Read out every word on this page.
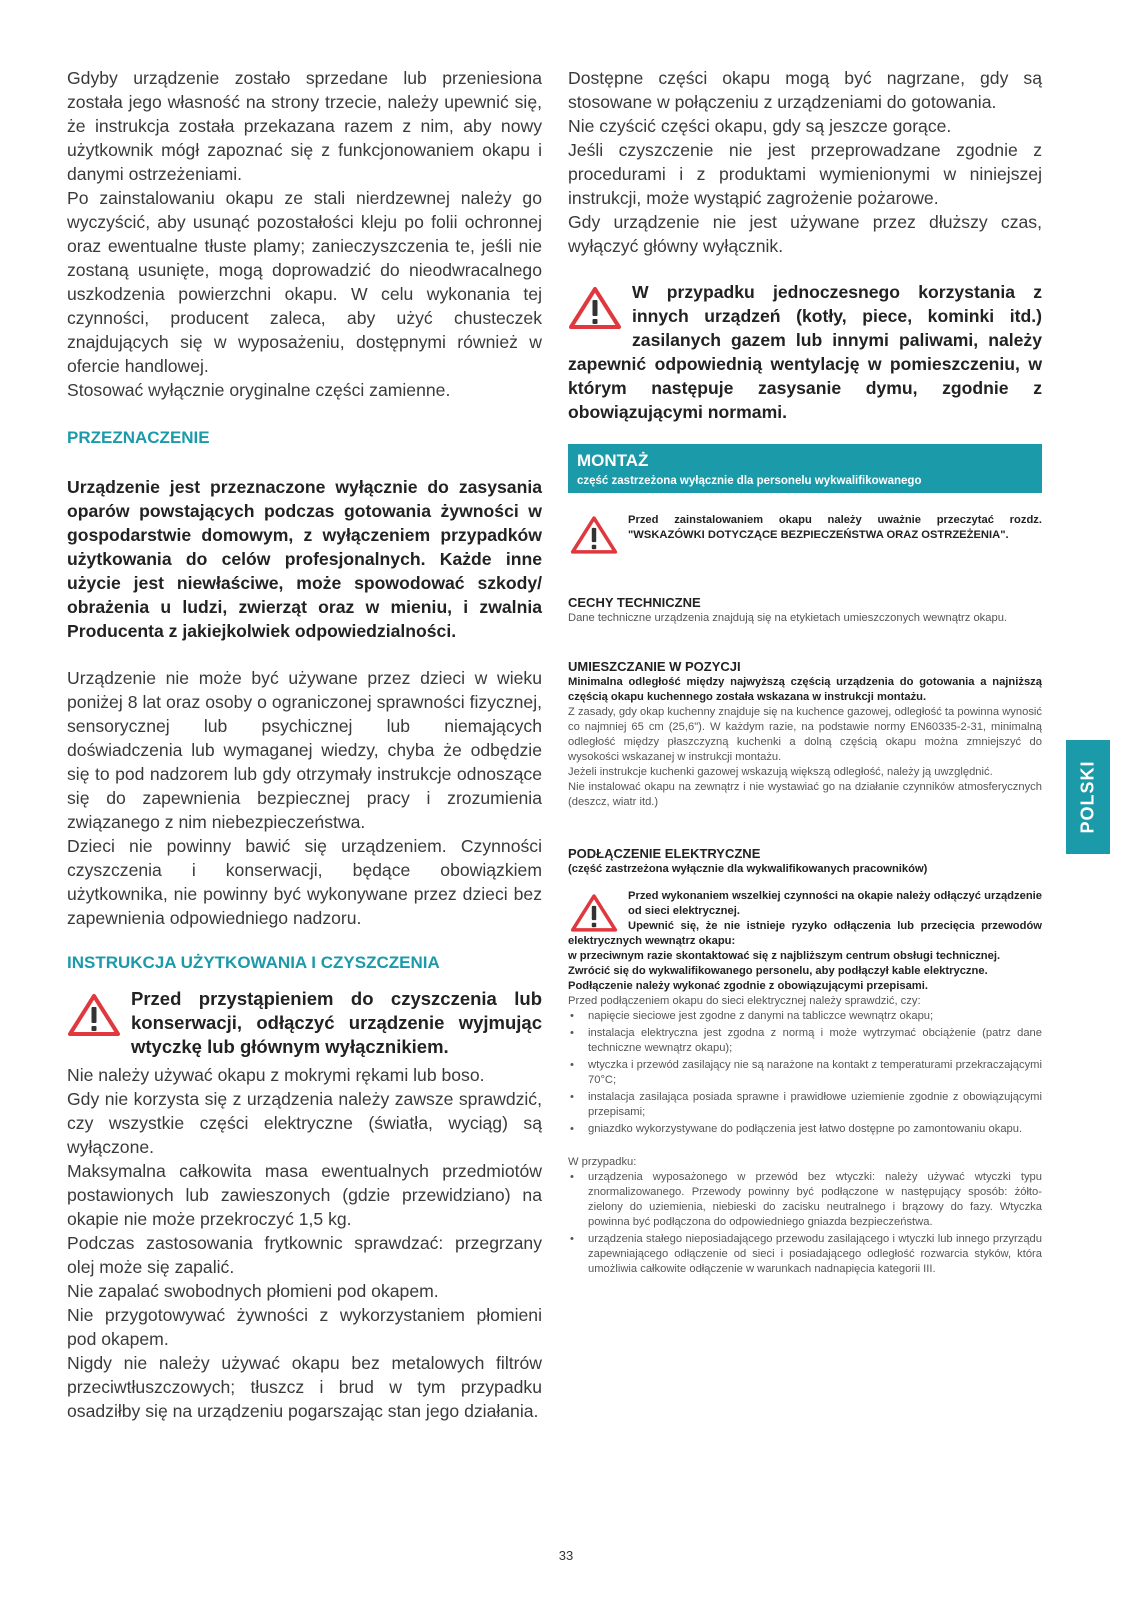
Gdyby urządzenie zostało sprzedane lub przeniesiona została jego własność na strony trzecie, należy upewnić się, że instrukcja została przekazana razem z nim, aby nowy użytkownik mógł zapoznać się z funkcjonowaniem okapu i danymi ostrzeżeniami.

Po zainstalowaniu okapu ze stali nierdzewnej należy go wyczyścić, aby usunąć pozostałości kleju po folii ochronnej oraz ewentualne tłuste plamy; zanieczyszczenia te, jeśli nie zostaną usunięte, mogą doprowadzić do nieodwracalnego uszkodzenia powierzchni okapu. W celu wykonania tej czynności, producent zaleca, aby użyć chusteczek znajdujących się w wyposażeniu, dostępnymi również w ofercie handlowej.

Stosować wyłącznie oryginalne części zamienne.

PRZEZNACZENIE

Urządzenie jest przeznaczone wyłącznie do zasysania oparów powstających podczas gotowania żywności w gospodarstwie domowym, z wyłączeniem przypadków użytkowania do celów profesjonalnych. Każde inne użycie jest niewłaściwe, może spowodować szkody/ obrażenia u ludzi, zwierząt oraz w mieniu, i zwalnia Producenta z jakiejkolwiek odpowiedzialności.

Urządzenie nie może być używane przez dzieci w wieku poniżej 8 lat oraz osoby o ograniczonej sprawności fizycznej, sensorycznej lub psychicznej lub niemających doświadczenia lub wymaganej wiedzy, chyba że odbędzie się to pod nadzorem lub gdy otrzymały instrukcje odnoszące się do zapewnienia bezpiecznej pracy i zrozumienia związanego z nim niebezpieczeństwa.

Dzieci nie powinny bawić się urządzeniem. Czynności czyszczenia i konserwacji, będące obowiązkiem użytkownika, nie powinny być wykonywane przez dzieci bez zapewnienia odpowiedniego nadzoru.

INSTRUKCJA UŻYTKOWANIA I CZYSZCZENIA

Przed przystąpieniem do czyszczenia lub konserwacji, odłączyć urządzenie wyjmując wtyczkę lub głównym wyłącznikiem.

Nie należy używać okapu z mokrymi rękami lub boso.

Gdy nie korzysta się z urządzenia należy zawsze sprawdzić, czy wszystkie części elektryczne (światła, wyciąg) są wyłączone.

Maksymalna całkowita masa ewentualnych przedmiotów postawionych lub zawieszonych (gdzie przewidziano) na okapie nie może przekroczyć 1,5 kg.

Podczas zastosowania frytkownic sprawdzać: przegrzany olej może się zapalić.

Nie zapalać swobodnych płomieni pod okapem.

Nie przygotowywać żywności z wykorzystaniem płomieni pod okapem.

Nigdy nie należy używać okapu bez metalowych filtrów przeciwtłuszczowych; tłuszcz i brud w tym przypadku osadziłby się na urządzeniu pogarszając stan jego działania.

Dostępne części okapu mogą być nagrzane, gdy są stosowane w połączeniu z urządzeniami do gotowania.

Nie czyścić części okapu, gdy są jeszcze gorące.

Jeśli czyszczenie nie jest przeprowadzane zgodnie z procedurami i z produktami wymienionymi w niniejszej instrukcji, może wystąpić zagrożenie pożarowe.

Gdy urządzenie nie jest używane przez dłuższy czas, wyłączyć główny wyłącznik.

W przypadku jednoczesnego korzystania z innych urządzeń (kotły, piece, kominki itd.) zasilanych gazem lub innymi paliwami, należy zapewnić odpowiednią wentylację w pomieszczeniu, w którym następuje zasysanie dymu, zgodnie z obowiązującymi normami.

MONTAŻ
część zastrzeżona wyłącznie dla personelu wykwalifikowanego

Przed zainstalowaniem okapu należy uważnie przeczytać rozdz. "WSKAZÓWKI DOTYCZĄCE BEZPIECZEŃSTWA ORAZ OSTRZEŻENIA".

CECHY TECHNICZNE

Dane techniczne urządzenia znajdują się na etykietach umieszczonych wewnątrz okapu.

UMIESZCZANIE W POZYCJI

Minimalna odległość między najwyższą częścią urządzenia do gotowania a najniższą częścią okapu kuchennego została wskazana w instrukcji montażu.

Z zasady, gdy okap kuchenny znajduje się na kuchence gazowej, odległość ta powinna wynosić co najmniej 65 cm (25,6"). W każdym razie, na podstawie normy EN60335-2-31, minimalną odległość między płaszczyzną kuchenki a dolną częścią okapu można zmniejszyć do wysokości wskazanej w instrukcji montażu.

Jeżeli instrukcje kuchenki gazowej wskazują większą odległość, należy ją uwzględnić.

Nie instalować okapu na zewnątrz i nie wystawiać go na działanie czynników atmosferycznych (deszcz, wiatr itd.)

PODŁĄCZENIE ELEKTRYCZNE

(część zastrzeżona wyłącznie dla wykwalifikowanych pracowników)

Przed wykonaniem wszelkiej czynności na okapie należy odłączyć urządzenie od sieci elektrycznej.

Upewnić się, że nie istnieje ryzyko odłączenia lub przecięcia przewodów elektrycznych wewnątrz okapu:

w przeciwnym razie skontaktować się z najbliższym centrum obsługi technicznej.

Zwrócić się do wykwalifikowanego personelu, aby podłączył kable elektryczne.

Podłączenie należy wykonać zgodnie z obowiązującymi przepisami.

Przed podłączeniem okapu do sieci elektrycznej należy sprawdzić, czy:

• napięcie sieciowe jest zgodne z danymi na tabliczce wewnątrz okapu;
• instalacja elektryczna jest zgodna z normą i może wytrzymać obciążenie (patrz dane techniczne wewnątrz okapu);
• wtyczka i przewód zasilający nie są narażone na kontakt z temperaturami przekraczającymi 70°C;
• instalacja zasilająca posiada sprawne i prawidłowe uziemienie zgodnie z obowiązującymi przepisami;
• gniazdko wykorzystywane do podłączenia jest łatwo dostępne po zamontowaniu okapu.

W przypadku:

• urządzenia wyposażonego w przewód bez wtyczki: należy używać wtyczki typu znormalizowanego. Przewody powinny być podłączone w następujący sposób: żółto-zielony do uziemienia, niebieski do zacisku neutralnego i brązowy do fazy. Wtyczka powinna być podłączona do odpowiedniego gniazda bezpieczeństwa.
• urządzenia stałego nieposiadającego przewodu zasilającego i wtyczki lub innego przyrządu zapewniającego odłączenie od sieci i posiadającego odległość rozwarcia styków, która umożliwia całkowite odłączenie w warunkach nadnapięcia kategorii III.
POLSKI
33
